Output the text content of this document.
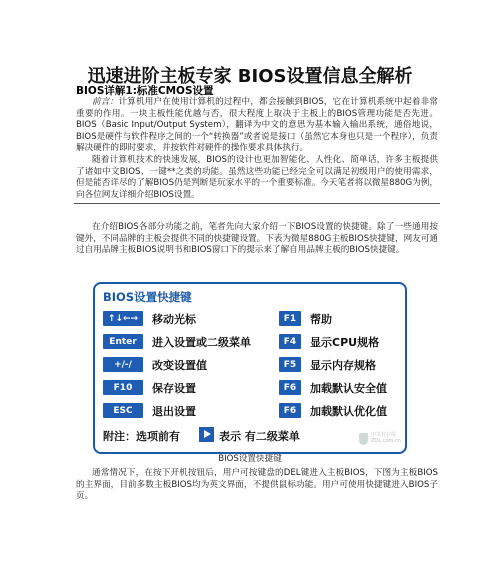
迅速进阶主板专家 BIOS设置信息全解析
BIOS详解1:标准CMOS设置
前言：计算机用户在使用计算机的过程中，都会接触到BIOS，它在计算机系统中起着非常重要的作用。一块主板性能优越与否，很大程度上取决于主板上的BIOS管理功能是否先进。BIOS（Basic Input/Output System），翻译为中文的意思为基本输入输出系统，通俗地说，BIOS是硬件与软件程序之间的一个“转换器”或者说是接口（虽然它本身也只是一个程序），负责解决硬件的即时要求，并按软件对硬件的操作要求具体执行。
随着计算机技术的快速发展，BIOS的设计也更加智能化、人性化、简单话，许多主板提供了诸如中文BIOS、一键**之类的功能。虽然这些功能已经完全可以满足初级用户的使用需求，但是能否详尽的了解BIOS仍是判断是玩家水平的一个重要标准。今天笔者将以微星880G为例，向各位网友详细介绍BIOS设置。
在介绍BIOS各部分功能之前，笔者先向大家介绍一下BIOS设置的快捷键。除了一些通用按键外，不同品牌的主板会提供不同的快捷键设置。下表为微星880G主板BIOS快捷键，网友可通过自用品牌主板BIOS说明书和BIOS窗口下的提示来了解自用品牌主板的BIOS快捷键。
BIOS设置快捷键
↑↓←→	移动光标
Enter	进入设置或二级菜单
+/-/	改变设置值
F10	保存设置
ESC	退出设置
F1	帮助
F4	显示CPU规格
F5	显示内存规格
F6	加载默认安全值
F6	加载默认优化值
附注：选项前有	表示 有二级菜单	中关村在线 ZOL.com.cn
BIOS设置快捷键
通常情况下，在按下开机按钮后，用户可按键盘的DEL键进入主板BIOS，下图为主板BIOS的主界面，目前多数主板BIOS均为英文界面，不提供鼠标功能。用户可使用快捷键进入BIOS子页。
